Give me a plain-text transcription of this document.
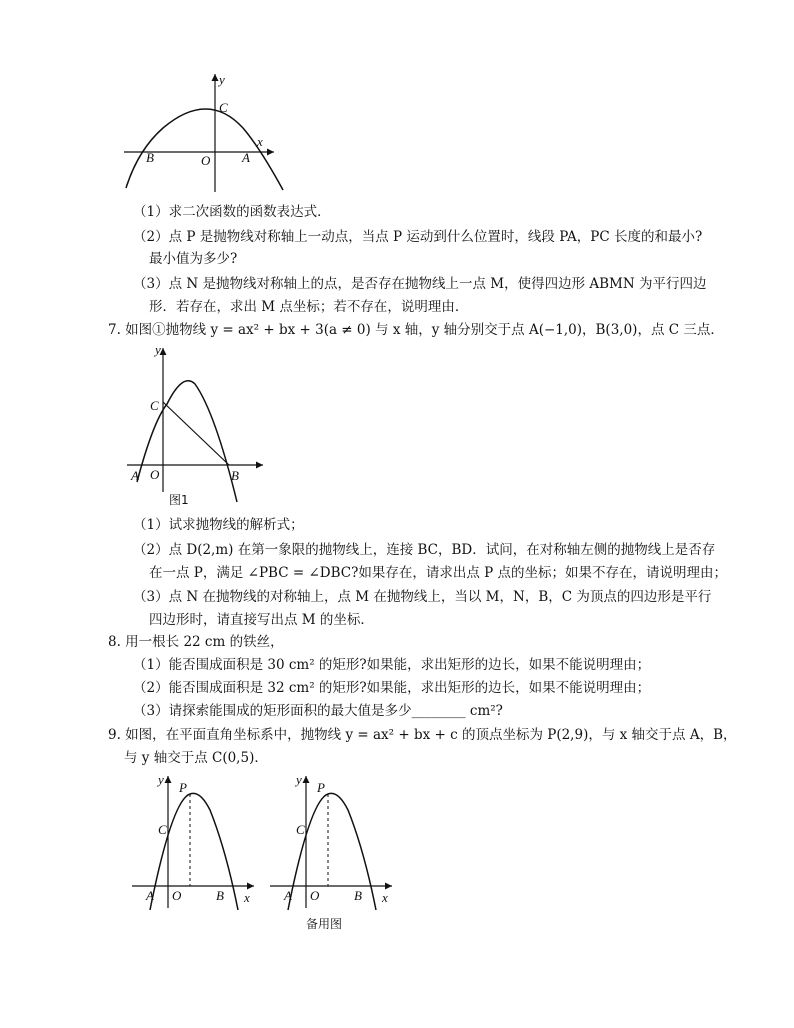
y
x
C
B	O A
（1）求二次函数的函数表达式．
（2）点 P 是抛物线对称轴上一动点，当点 P 运动到什么位置时，线段 PA，PC 长度的和最小?
最小值为多少?
（3）点 N 是抛物线对称轴上的点，是否存在抛物线上一点 M，使得四边形 ABMN 为平行四边
形．若存在，求出 M 点坐标；若不存在，说明理由．
7. 如图①抛物线 y = ax² + bx + 3(a ≠ 0) 与 x 轴，y 轴分别交于点 A(−1,0)，B(3,0)，点 C 三点．
y
C
A O	B
图1
（1）试求抛物线的解析式；
（2）点 D(2,m) 在第一象限的抛物线上，连接 BC，BD．试问，在对称轴左侧的抛物线上是否存
在一点 P，满足 ∠PBC = ∠DBC?如果存在，请求出点 P 点的坐标；如果不存在，请说明理由；
（3）点 N 在抛物线的对称轴上，点 M 在抛物线上，当以 M，N，B，C 为顶点的四边形是平行
四边形时，请直接写出点 M 的坐标．
8. 用一根长 22 cm 的铁丝，
（1）能否围成面积是 30 cm² 的矩形?如果能，求出矩形的边长，如果不能说明理由；
（2）能否围成面积是 32 cm² 的矩形?如果能，求出矩形的边长，如果不能说明理由；
（3）请探索能围成的矩形面积的最大值是多少________ cm²?
9. 如图，在平面直角坐标系中，抛物线 y = ax² + bx + c 的顶点坐标为 P(2,9)，与 x 轴交于点 A，B，
与 y 轴交于点 C(0,5)．
y
P
C
A O	B x
y
P
C
A O	B x
备用图
